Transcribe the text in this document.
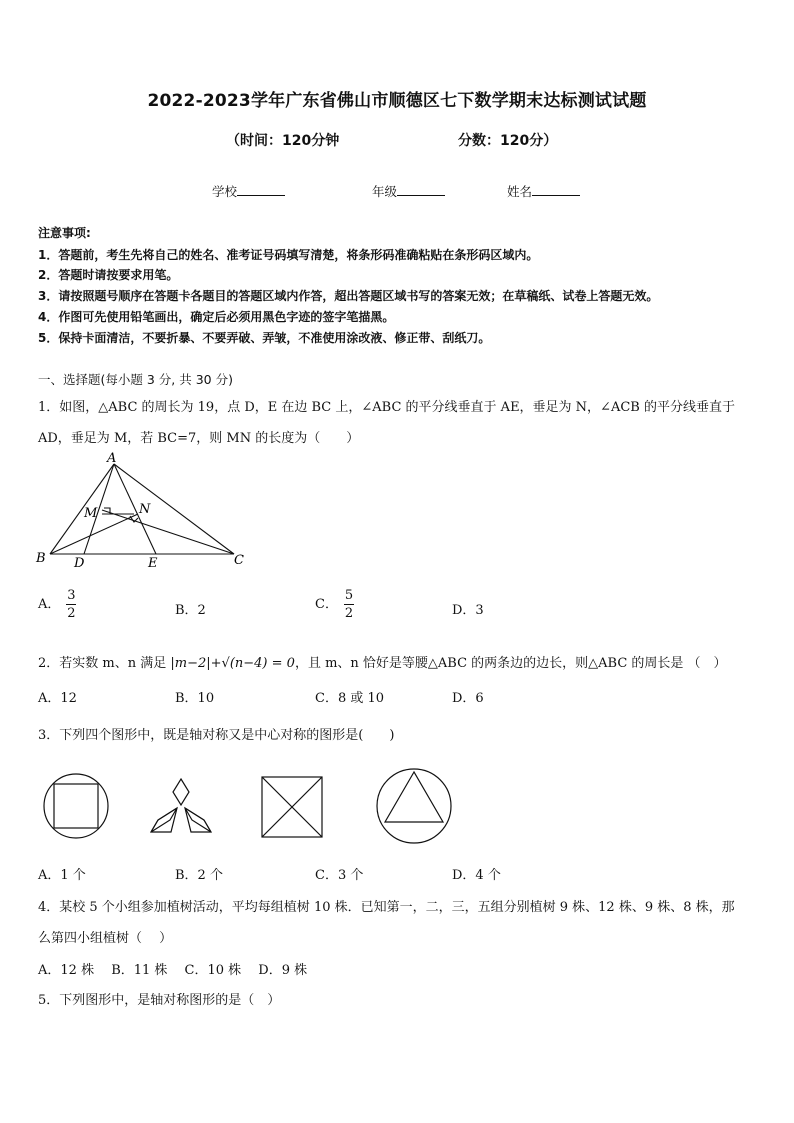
2022-2023学年广东省佛山市顺德区七下数学期末达标测试试题
（时间：120分钟	分数：120分）
学校	年级	姓名
注意事项:
1．答题前，考生先将自己的姓名、准考证号码填写清楚，将条形码准确粘贴在条形码区域内。
2．答题时请按要求用笔。
3．请按照题号顺序在答题卡各题目的答题区域内作答，超出答题区域书写的答案无效；在草稿纸、试卷上答题无效。
4．作图可先使用铅笔画出，确定后必须用黑色字迹的签字笔描黑。
5．保持卡面清洁，不要折暴、不要弄破、弄皱，不准使用涂改液、修正带、刮纸刀。
一、选择题(每小题 3 分, 共 30 分)
1．如图，△ABC 的周长为 19，点 D，E 在边 BC 上，∠ABC 的平分线垂直于 AE，垂足为 N，∠ACB 的平分线垂直于
AD，垂足为 M，若 BC=7，则 MN 的长度为（　　）
A
B	C
D	E
M	N
A． $\frac{3}{2}$	B．2	C． $\frac{5}{2}$	D．3
2．若实数 m、n 满足 |m−2|+√(n−4) = 0，且 m、n 恰好是等腰△ABC 的两条边的边长，则△ABC 的周长是 （　）
A．12	B．10	C．8 或 10	D．6
3．下列四个图形中，既是轴对称又是中心对称的图形是(　　)
A．1 个	B．2 个	C．3 个	D．4 个
4．某校 5 个小组参加植树活动，平均每组植树 10 株．已知第一，二，三，五组分别植树 9 株、12 株、9 株、8 株，那
么第四小组植树（　 ）
A．12 株　 B．11 株　 C．10 株　 D．9 株
5．下列图形中，是轴对称图形的是（　）
